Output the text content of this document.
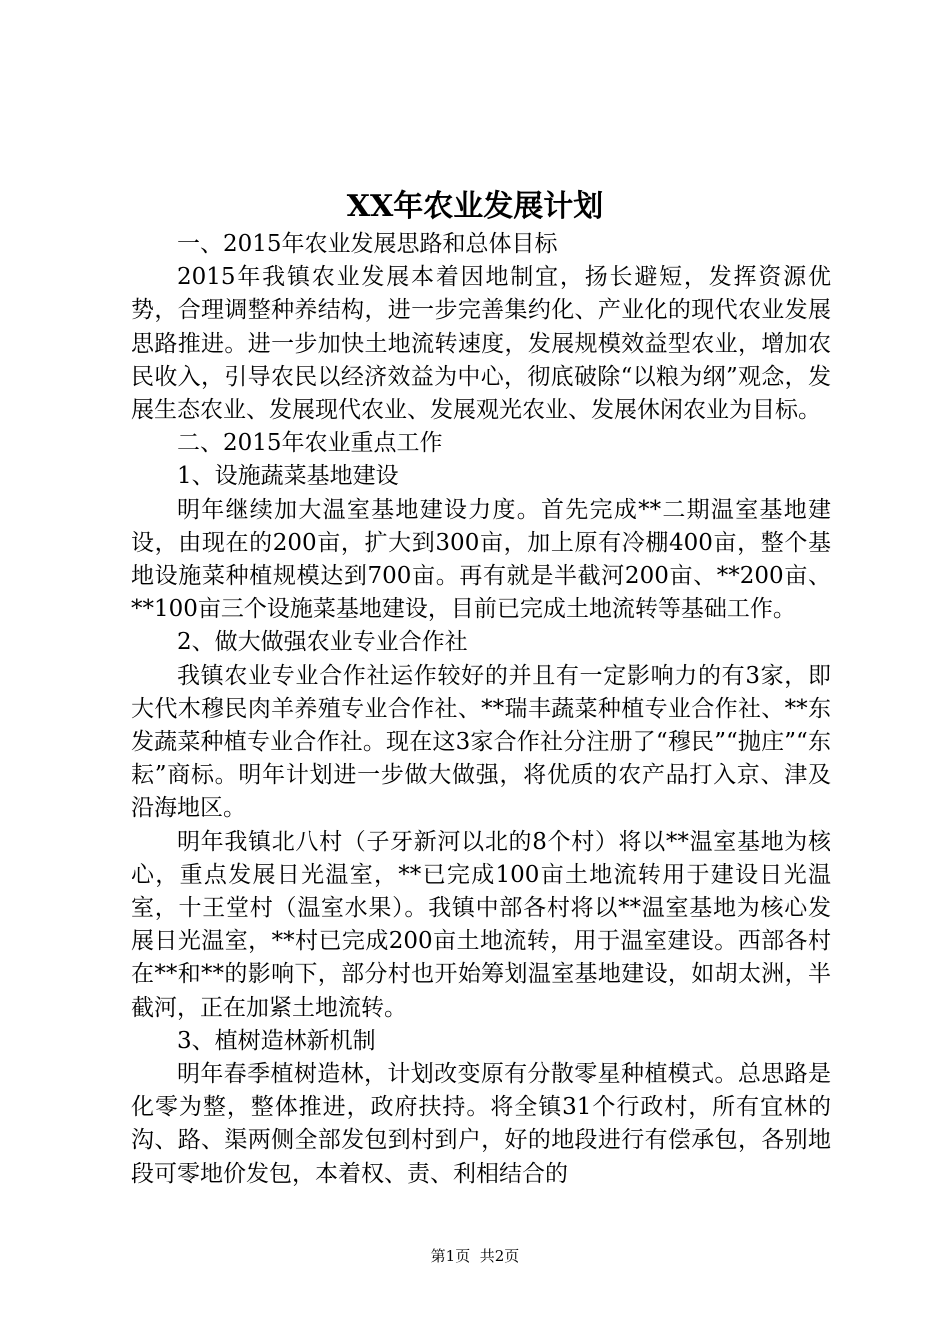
XX年农业发展计划

一、2015年农业发展思路和总体目标

2015年我镇农业发展本着因地制宜，扬长避短，发挥资源优势，合理调整种养结构，进一步完善集约化、产业化的现代农业发展思路推进。进一步加快土地流转速度，发展规模效益型农业，增加农民收入，引导农民以经济效益为中心，彻底破除“以粮为纲”观念，发展生态农业、发展现代农业、发展观光农业、发展休闲农业为目标。

二、2015年农业重点工作

1、设施蔬菜基地建设

明年继续加大温室基地建设力度。首先完成**二期温室基地建设，由现在的200亩，扩大到300亩，加上原有冷棚400亩，整个基地设施菜种植规模达到700亩。再有就是半截河200亩、**200亩、**100亩三个设施菜基地建设，目前已完成土地流转等基础工作。

2、做大做强农业专业合作社

我镇农业专业合作社运作较好的并且有一定影响力的有3家，即大代木穆民肉羊养殖专业合作社、**瑞丰蔬菜种植专业合作社、**东发蔬菜种植专业合作社。现在这3家合作社分注册了“穆民”“抛庄”“东耘”商标。明年计划进一步做大做强，将优质的农产品打入京、津及沿海地区。

明年我镇北八村（子牙新河以北的8个村）将以**温室基地为核心，重点发展日光温室，**已完成100亩土地流转用于建设日光温室，十王堂村（温室水果）。我镇中部各村将以**温室基地为核心发展日光温室，**村已完成200亩土地流转，用于温室建设。西部各村在**和**的影响下，部分村也开始筹划温室基地建设，如胡太洲，半截河，正在加紧土地流转。

3、植树造林新机制

明年春季植树造林，计划改变原有分散零星种植模式。总思路是化零为整，整体推进，政府扶持。将全镇31个行政村，所有宜林的沟、路、渠两侧全部发包到村到户，好的地段进行有偿承包，各别地段可零地价发包，本着权、责、利相结合的

第1页 共2页
